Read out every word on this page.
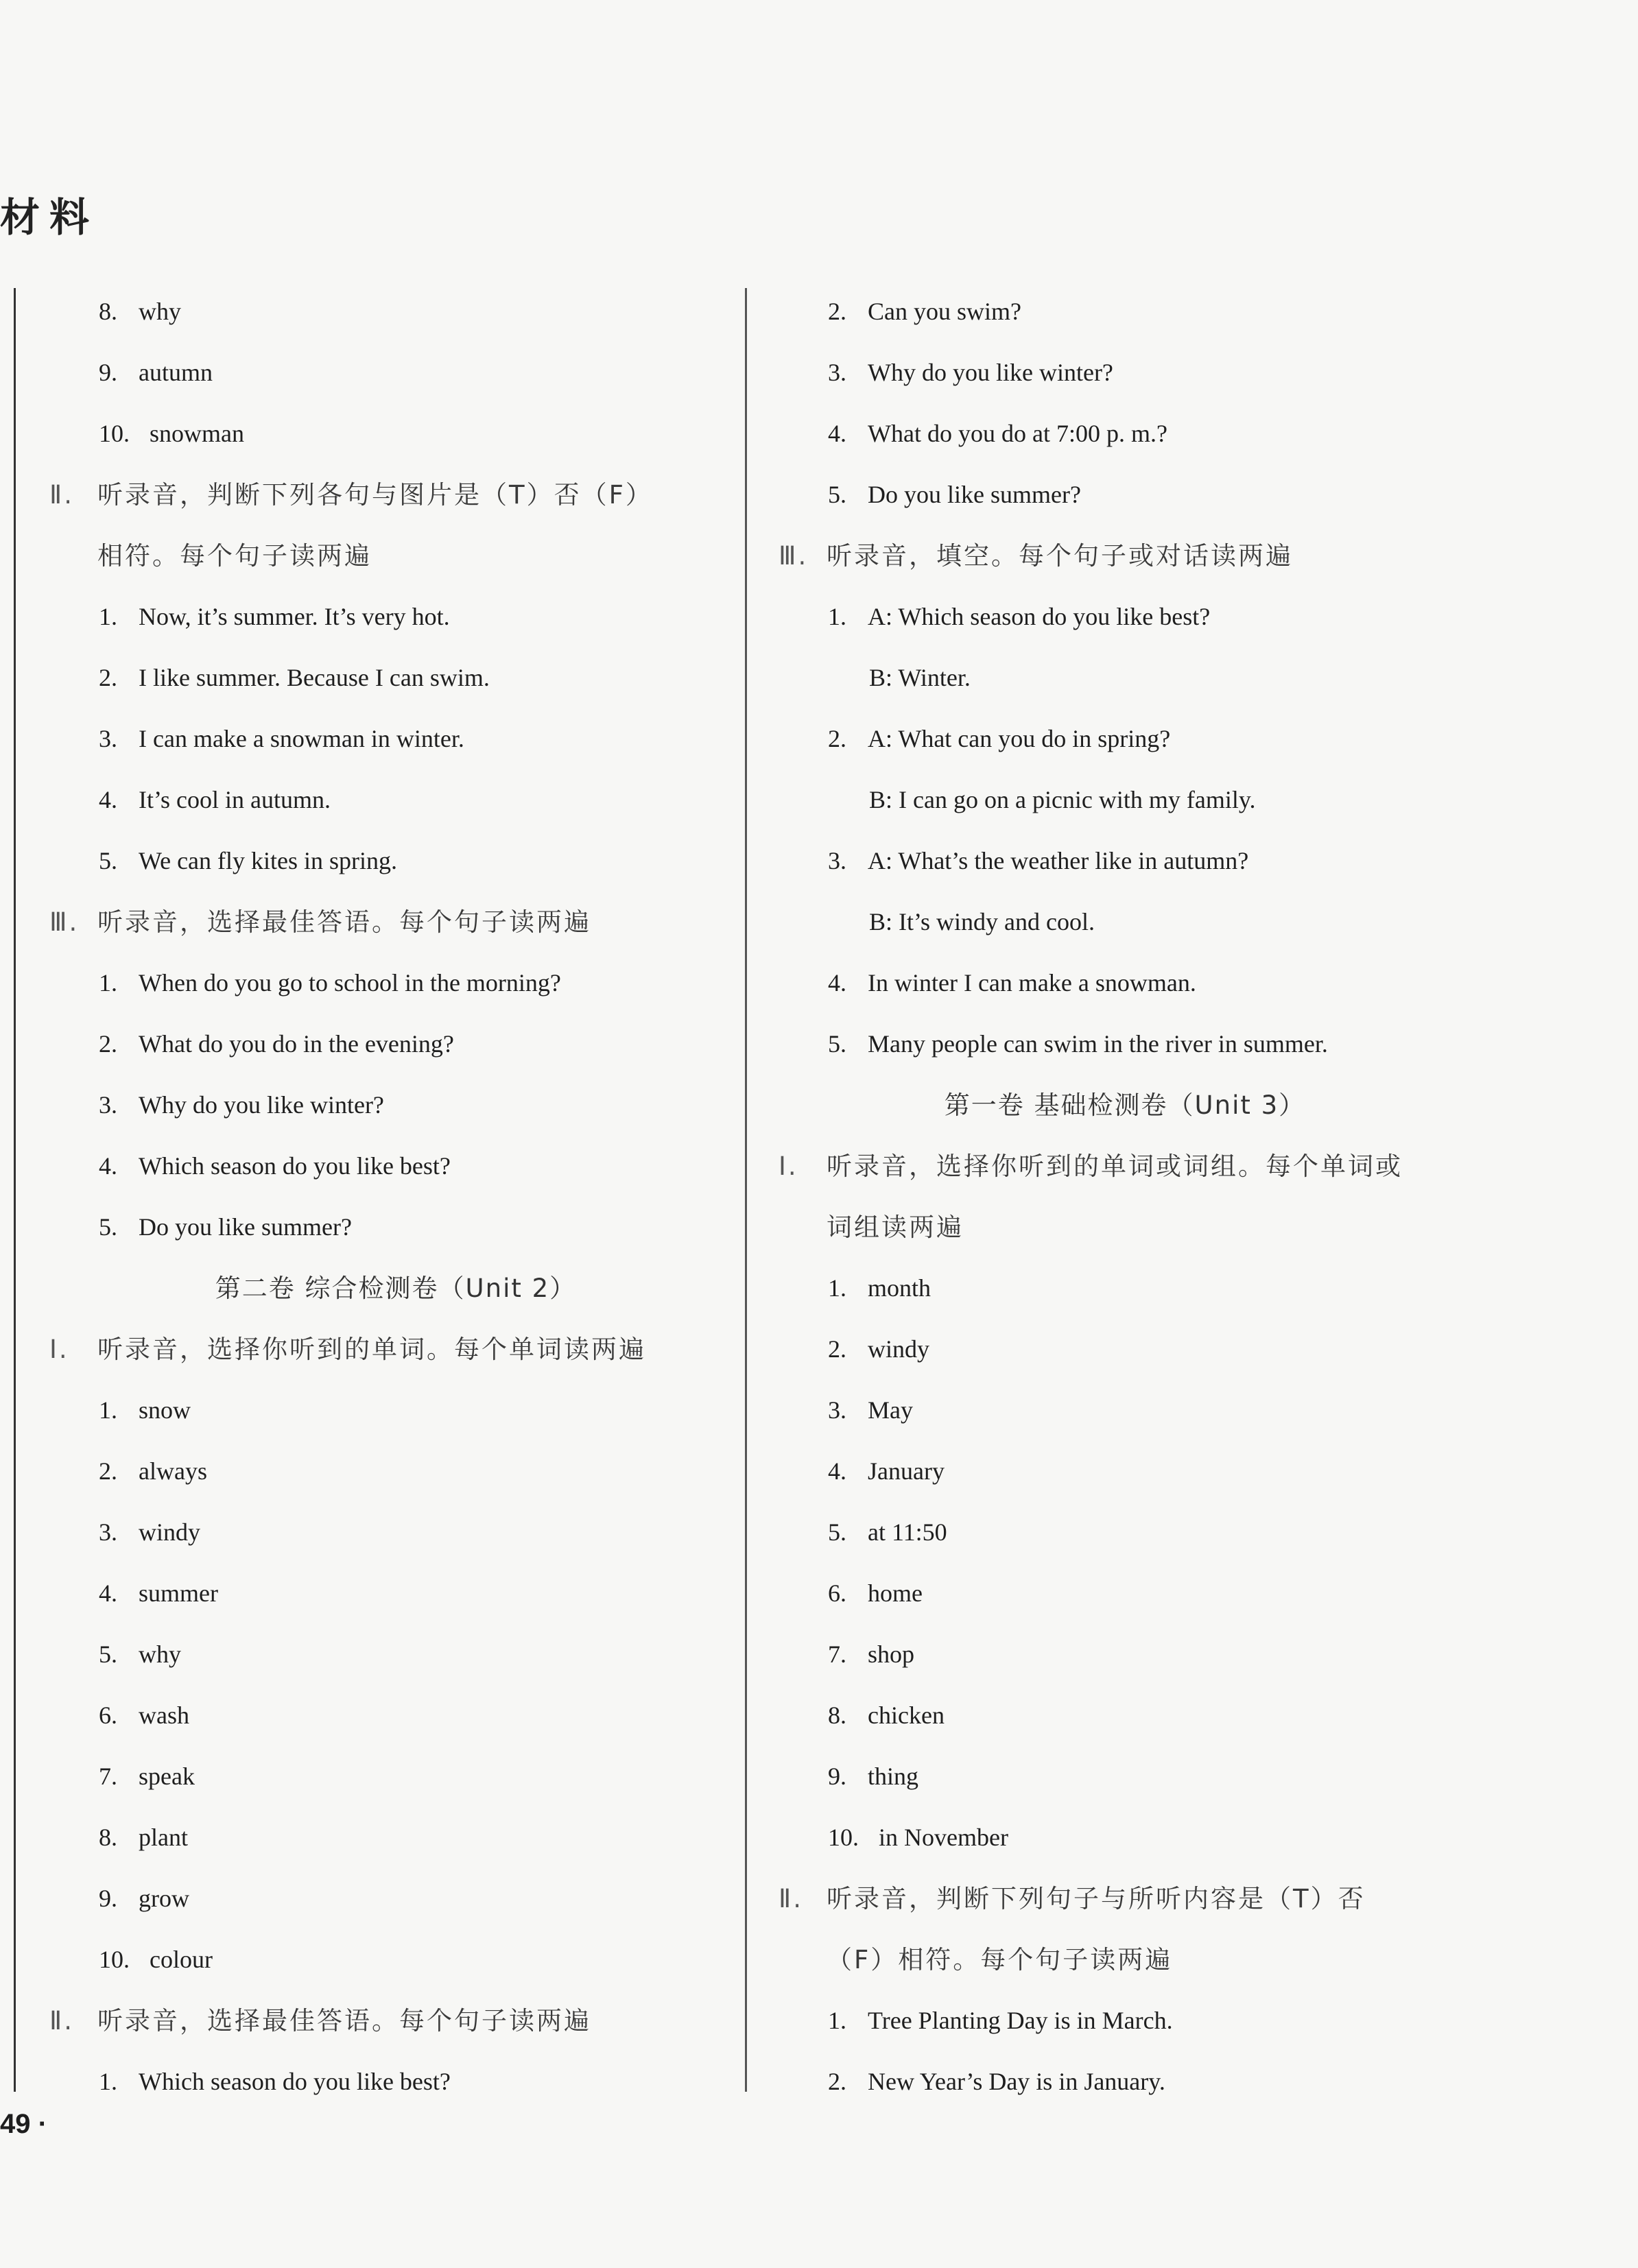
材料
8. why
9. autumn
10. snowman
Ⅱ. 听录音，判断下列各句与图片是（T）否（F）
相符。每个句子读两遍
1. Now, it’s summer. It’s very hot.
2. I like summer. Because I can swim.
3. I can make a snowman in winter.
4. It’s cool in autumn.
5. We can fly kites in spring.
Ⅲ. 听录音，选择最佳答语。每个句子读两遍
1. When do you go to school in the morning?
2. What do you do in the evening?
3. Why do you like winter?
4. Which season do you like best?
5. Do you like summer?
第二卷 综合检测卷（Unit 2）
Ⅰ. 听录音，选择你听到的单词。每个单词读两遍
1. snow
2. always
3. windy
4. summer
5. why
6. wash
7. speak
8. plant
9. grow
10. colour
Ⅱ. 听录音，选择最佳答语。每个句子读两遍
1. Which season do you like best?
2. Can you swim?
3. Why do you like winter?
4. What do you do at 7:00 p. m.?
5. Do you like summer?
Ⅲ. 听录音，填空。每个句子或对话读两遍
1. A: Which season do you like best?
B: Winter.
2. A: What can you do in spring?
B: I can go on a picnic with my family.
3. A: What’s the weather like in autumn?
B: It’s windy and cool.
4. In winter I can make a snowman.
5. Many people can swim in the river in summer.
第一卷 基础检测卷（Unit 3）
Ⅰ. 听录音，选择你听到的单词或词组。每个单词或
词组读两遍
1. month
2. windy
3. May
4. January
5. at 11:50
6. home
7. shop
8. chicken
9. thing
10. in November
Ⅱ. 听录音，判断下列句子与所听内容是（T）否
（F）相符。每个句子读两遍
1. Tree Planting Day is in March.
2. New Year’s Day is in January.
49 ·
